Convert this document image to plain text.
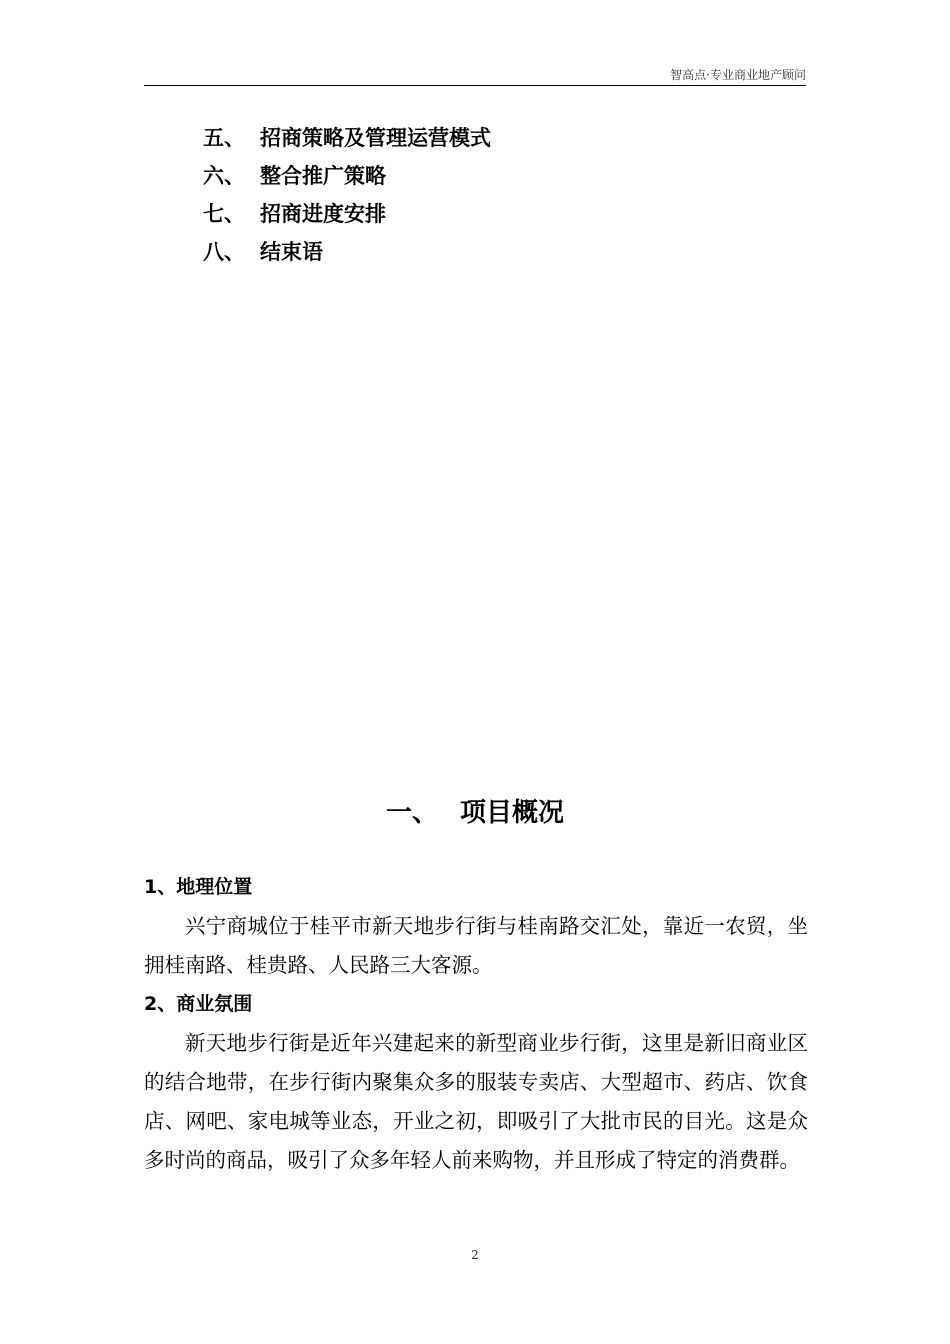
智高点·专业商业地产顾问
五、 招商策略及管理运营模式
六、 整合推广策略
七、 招商进度安排
八、 结束语
一、 项目概况
1、地理位置

兴宁商城位于桂平市新天地步行街与桂南路交汇处，靠近一农贸，坐拥桂南路、桂贵路、人民路三大客源。

2、商业氛围

新天地步行街是近年兴建起来的新型商业步行街，这里是新旧商业区的结合地带，在步行街内聚集众多的服装专卖店、大型超市、药店、饮食店、网吧、家电城等业态，开业之初，即吸引了大批市民的目光。这是众多时尚的商品，吸引了众多年轻人前来购物，并且形成了特定的消费群。

2
